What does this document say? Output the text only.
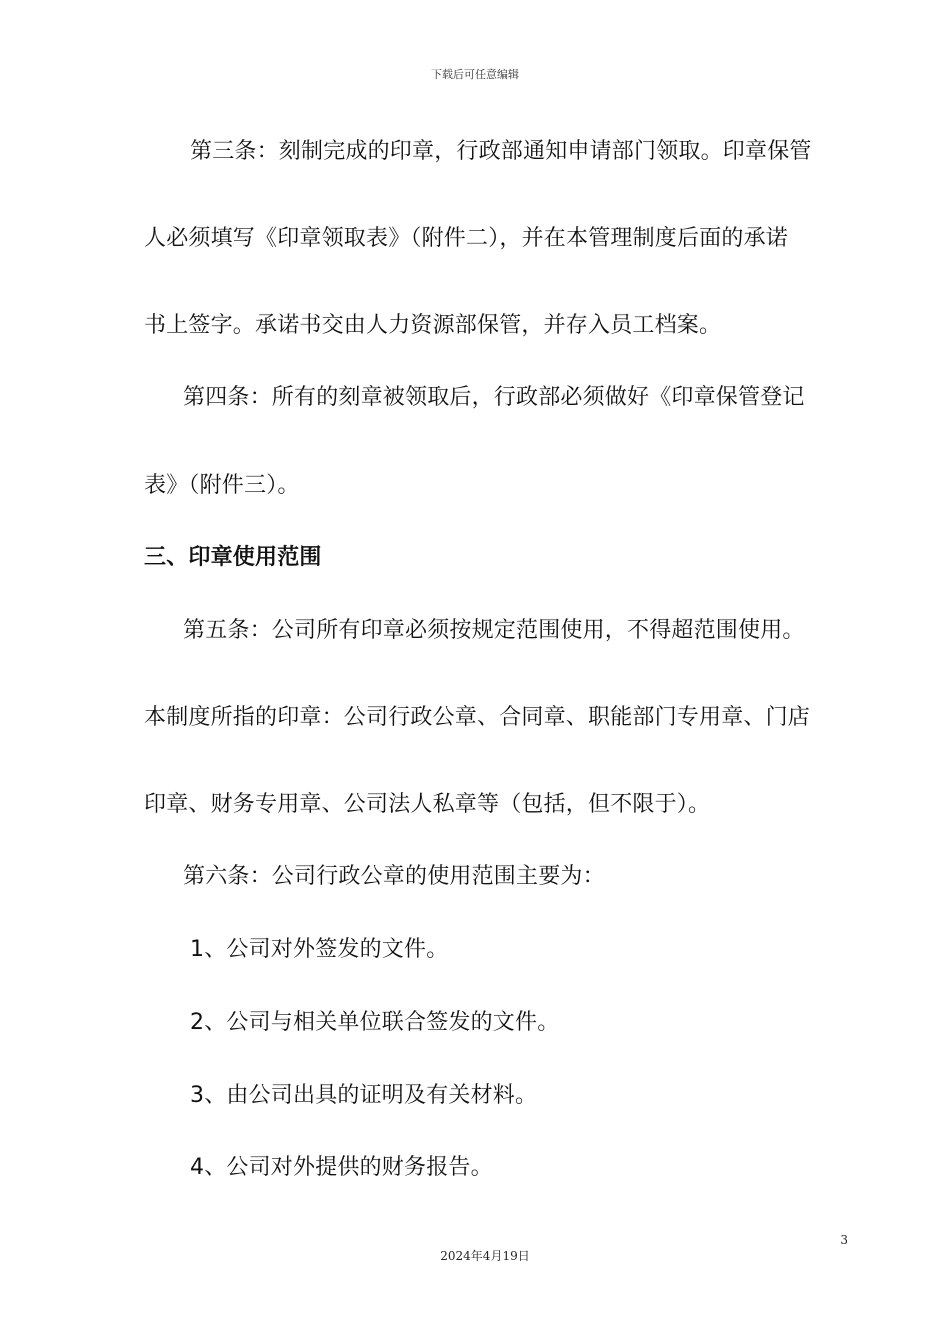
下载后可任意编辑
第三条：刻制完成的印章，行政部通知申请部门领取。印章保管
人必须填写《印章领取表》（附件二），并在本管理制度后面的承诺
书上签字。承诺书交由人力资源部保管，并存入员工档案。
第四条：所有的刻章被领取后，行政部必须做好《印章保管登记
表》（附件三）。
三、印章使用范围
第五条：公司所有印章必须按规定范围使用，不得超范围使用。
本制度所指的印章：公司行政公章、合同章、职能部门专用章、门店
印章、财务专用章、公司法人私章等（包括，但不限于）。
第六条：公司行政公章的使用范围主要为：
1、公司对外签发的文件。
2、公司与相关单位联合签发的文件。
3、由公司出具的证明及有关材料。
4、公司对外提供的财务报告。
3
2024年4月19日
